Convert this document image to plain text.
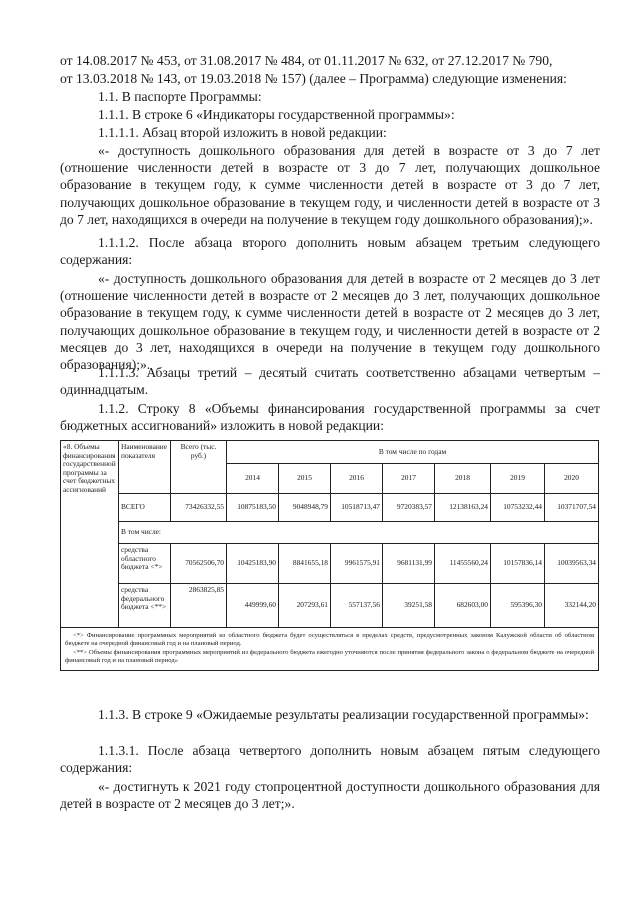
от 14.08.2017 № 453, от 31.08.2017 № 484, от 01.11.2017 № 632, от 27.12.2017 № 790,

от 13.03.2018 № 143, от 19.03.2018 № 157) (далее – Программа) следующие изменения:

1.1. В паспорте Программы:

1.1.1. В строке 6 «Индикаторы государственной программы»:

1.1.1.1. Абзац второй изложить в новой редакции:

«- доступность дошкольного образования для детей в возрасте от 3 до 7 лет (отношение численности детей в возрасте от 3 до 7 лет, получающих дошкольное образование в текущем году, к сумме численности детей в возрасте от 3 до 7 лет, получающих дошкольное образование в текущем году, и численности детей в возрасте от 3 до 7 лет, находящихся в очереди на получение в текущем году дошкольного образования);».

1.1.1.2. После абзаца второго дополнить новым абзацем третьим следующего содержания:

«- доступность дошкольного образования для детей в возрасте от 2 месяцев до 3 лет (отношение численности детей в возрасте от 2 месяцев до 3 лет, получающих дошкольное образование в текущем году, к сумме численности детей в возрасте от 2 месяцев до 3 лет, получающих дошкольное образование в текущем году, и численности детей в возрасте от 2 месяцев до 3 лет, находящихся в очереди на получение в текущем году дошкольного образования);».

1.1.1.3. Абзацы третий – десятый считать соответственно абзацами четвертым – одиннадцатым.

1.1.2. Строку 8 «Объемы финансирования государственной программы за счет бюджетных ассигнований» изложить в новой редакции:

«8. Объемы финансирования государственной программы за счет бюджетных ассигнований	Наименование показателя	Всего (тыс. руб.)	В том числе по годам						
			2014	2015	2016	2017	2018	2019	2020
	ВСЕГО	73426332,55	10875183,50	9048948,79	10518713,47	9720383,57	12138163,24	10753232,44	10371707,54
	В том числе:								
	средства областного бюджета <*>	70562506,70	10425183,90	8841655,18	9961575,91	9681131,99	11455560,24	10157836,14	10039563,34
	средства федерального бюджета <**>	2863825,85	449999,60	207293,61	557137,56	39251,58	682603,00	595396,30	332144,20

<*> Финансирование программных мероприятий из областного бюджета будет осуществляться в пределах средств, предусмотренных законом Калужской области об областном бюджете на очередной финансовый год и на плановый период.
<**> Объемы финансирования программных мероприятий из федерального бюджета ежегодно уточняются после принятия федерального закона о федеральном бюджете на очередной финансовый год и на плановый период»									

1.1.3. В строке 9 «Ожидаемые результаты реализации государственной программы»:

1.1.3.1. После абзаца четвертого дополнить новым абзацем пятым следующего содержания:

«- достигнуть к 2021 году стопроцентной доступности дошкольного образования для детей в возрасте от 2 месяцев до 3 лет;».
